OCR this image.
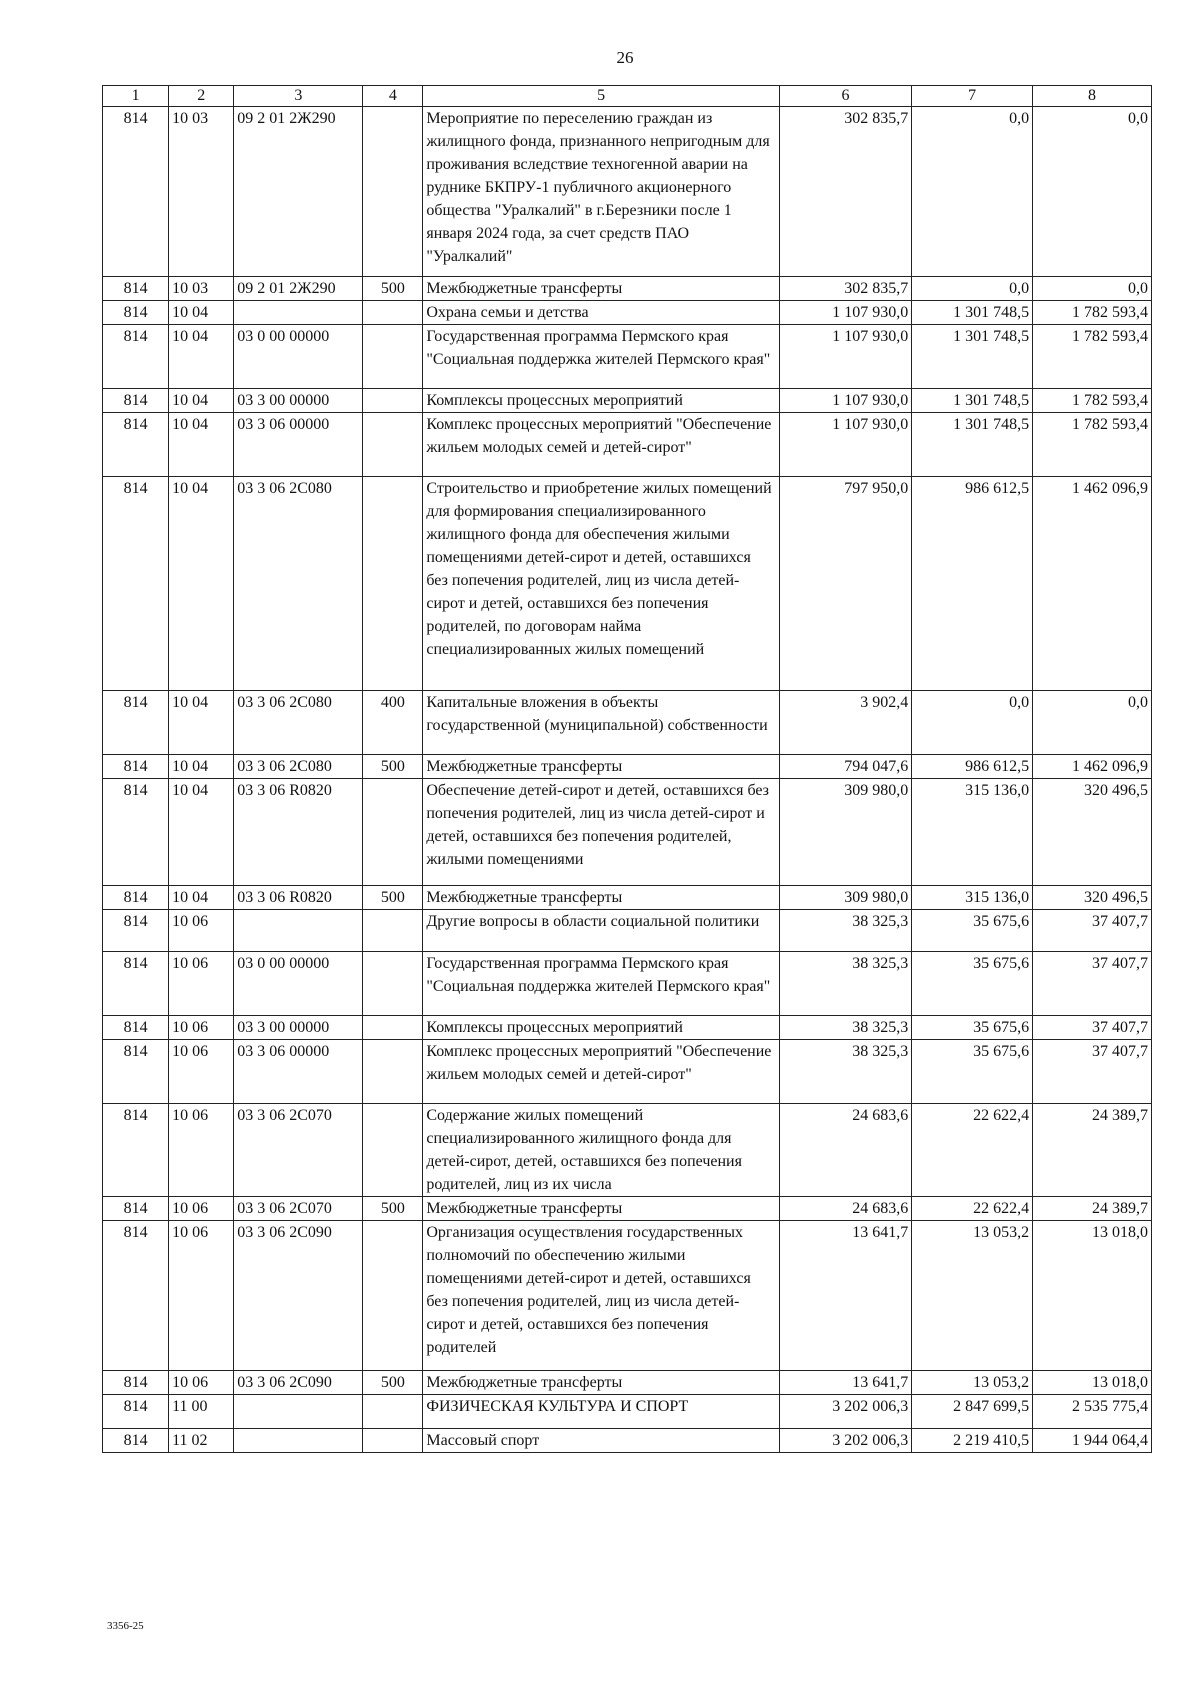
26
1	2	3	4	5	6	7	8
814	10 03	09 2 01 2Ж290		Мероприятие по переселению граждан из жилищного фонда, признанного непригодным для проживания вследствие техногенной аварии на руднике БКПРУ-1 публичного акционерного общества "Уралкалий" в г.Березники после 1 января 2024 года, за счет средств ПАО "Уралкалий"	302 835,7	0,0	0,0
814	10 03	09 2 01 2Ж290	500	Межбюджетные трансферты	302 835,7	0,0	0,0
814	10 04			Охрана семьи и детства	1 107 930,0	1 301 748,5	1 782 593,4
814	10 04	03 0 00 00000		Государственная программа Пермского края "Социальная поддержка жителей Пермского края"	1 107 930,0	1 301 748,5	1 782 593,4
814	10 04	03 3 00 00000		Комплексы процессных мероприятий	1 107 930,0	1 301 748,5	1 782 593,4
814	10 04	03 3 06 00000		Комплекс процессных мероприятий "Обеспечение жильем молодых семей и детей-сирот"	1 107 930,0	1 301 748,5	1 782 593,4
814	10 04	03 3 06 2С080		Строительство и приобретение жилых помещений для формирования специализированного жилищного фонда для обеспечения жилыми помещениями детей-сирот и детей, оставшихся без попечения родителей, лиц из числа детей-сирот и детей, оставшихся без попечения родителей, по договорам найма специализированных жилых помещений	797 950,0	986 612,5	1 462 096,9
814	10 04	03 3 06 2С080	400	Капитальные вложения в объекты государственной (муниципальной) собственности	3 902,4	0,0	0,0
814	10 04	03 3 06 2С080	500	Межбюджетные трансферты	794 047,6	986 612,5	1 462 096,9
814	10 04	03 3 06 R0820		Обеспечение детей-сирот и детей, оставшихся без попечения родителей, лиц из числа детей-сирот и детей, оставшихся без попечения родителей, жилыми помещениями	309 980,0	315 136,0	320 496,5
814	10 04	03 3 06 R0820	500	Межбюджетные трансферты	309 980,0	315 136,0	320 496,5
814	10 06			Другие вопросы в области социальной политики	38 325,3	35 675,6	37 407,7
814	10 06	03 0 00 00000		Государственная программа Пермского края "Социальная поддержка жителей Пермского края"	38 325,3	35 675,6	37 407,7
814	10 06	03 3 00 00000		Комплексы процессных мероприятий	38 325,3	35 675,6	37 407,7
814	10 06	03 3 06 00000		Комплекс процессных мероприятий "Обеспечение жильем молодых семей и детей-сирот"	38 325,3	35 675,6	37 407,7
814	10 06	03 3 06 2С070		Содержание жилых помещений специализированного жилищного фонда для детей-сирот, детей, оставшихся без попечения родителей, лиц из их числа	24 683,6	22 622,4	24 389,7
814	10 06	03 3 06 2С070	500	Межбюджетные трансферты	24 683,6	22 622,4	24 389,7
814	10 06	03 3 06 2С090		Организация осуществления государственных полномочий по обеспечению жилыми помещениями детей-сирот и детей, оставшихся без попечения родителей, лиц из числа детей-сирот и детей, оставшихся без попечения родителей	13 641,7	13 053,2	13 018,0
814	10 06	03 3 06 2С090	500	Межбюджетные трансферты	13 641,7	13 053,2	13 018,0
814	11 00			ФИЗИЧЕСКАЯ КУЛЬТУРА И СПОРТ	3 202 006,3	2 847 699,5	2 535 775,4
814	11 02			Массовый спорт	3 202 006,3	2 219 410,5	1 944 064,4
3356-25
